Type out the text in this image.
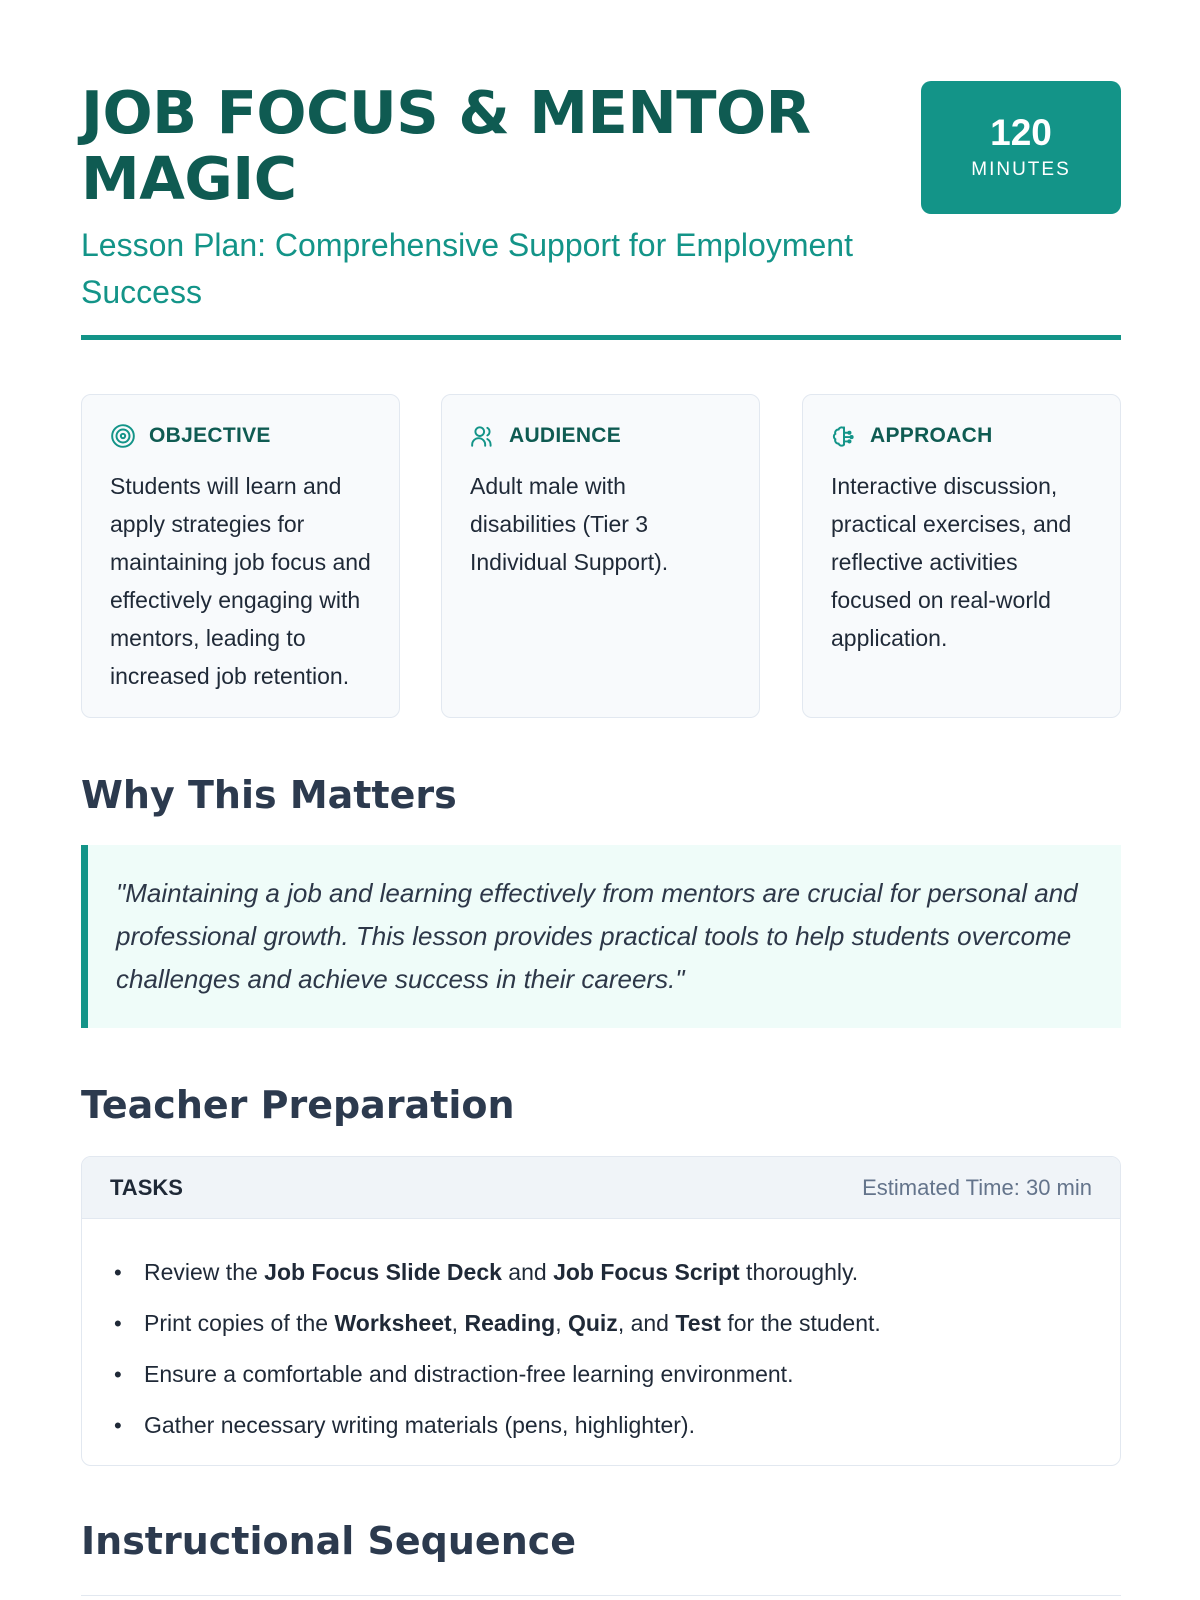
JOB FOCUS & MENTOR MAGIC
Lesson Plan: Comprehensive Support for Employment Success
120
MINUTES
OBJECTIVE

Students will learn and apply strategies for maintaining job focus and effectively engaging with mentors, leading to increased job retention.

AUDIENCE

Adult male with disabilities (Tier 3 Individual Support).

APPROACH

Interactive discussion, practical exercises, and reflective activities focused on real-world application.

Why This Matters
"Maintaining a job and learning effectively from mentors are crucial for personal and professional growth. This lesson provides practical tools to help students overcome challenges and achieve success in their careers."
Teacher Preparation
TASKS	Estimated Time: 30 min
• Review the Job Focus Slide Deck and Job Focus Script thoroughly.
• Print copies of the Worksheet, Reading, Quiz, and Test for the student.
• Ensure a comfortable and distraction-free learning environment.
• Gather necessary writing materials (pens, highlighter).
Instructional Sequence
